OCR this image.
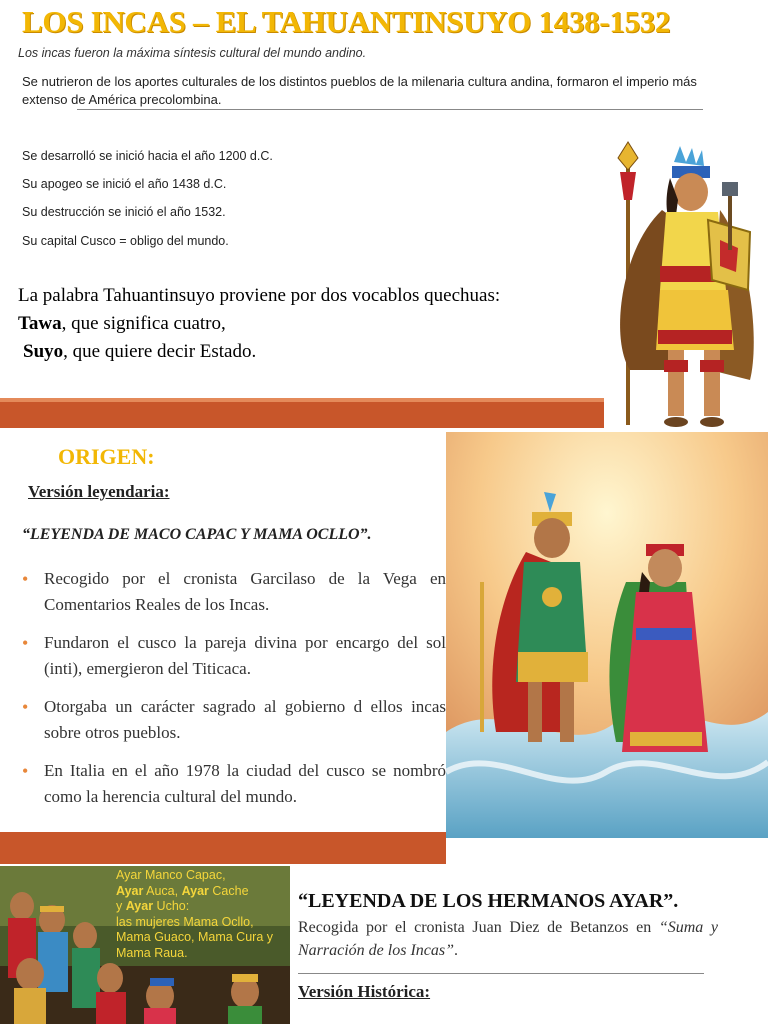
LOS INCAS – EL TAHUANTINSUYO 1438-1532
Los incas fueron la máxima síntesis cultural del mundo andino.
Se nutrieron de los aportes culturales de los distintos pueblos de la milenaria cultura andina, formaron el imperio más extenso de América precolombina.
Se desarrolló se inició hacia el año 1200 d.C.
Su apogeo se inició el año 1438 d.C.
Su destrucción se inició el año 1532.
Su capital Cusco = obligo del mundo.
La palabra Tahuantinsuyo proviene por dos vocablos quechuas:
Tawa, que significa cuatro,
Suyo, que quiere decir Estado.
ORIGEN:
Versión leyendaria:
“LEYENDA DE MACO CAPAC Y MAMA OCLLO”.
• Recogido por el cronista Garcilaso de la Vega en Comentarios Reales de los Incas.
• Fundaron el cusco la pareja divina por encargo del sol (inti), emergieron del Titicaca.
• Otorgaba un carácter sagrado al gobierno d ellos incas sobre otros pueblos.
• En Italia en el año 1978 la ciudad del cusco se nombró como la herencia cultural del mundo.
Ayar Manco Capac,
Ayar Auca, Ayar Cache
y Ayar Ucho:
las mujeres Mama Ocllo, Mama Guaco, Mama Cura y Mama Raua.
“LEYENDA DE LOS HERMANOS AYAR”.
Recogida por el cronista Juan Diez de Betanzos en “Suma y Narración de los Incas”.
Versión Histórica:
